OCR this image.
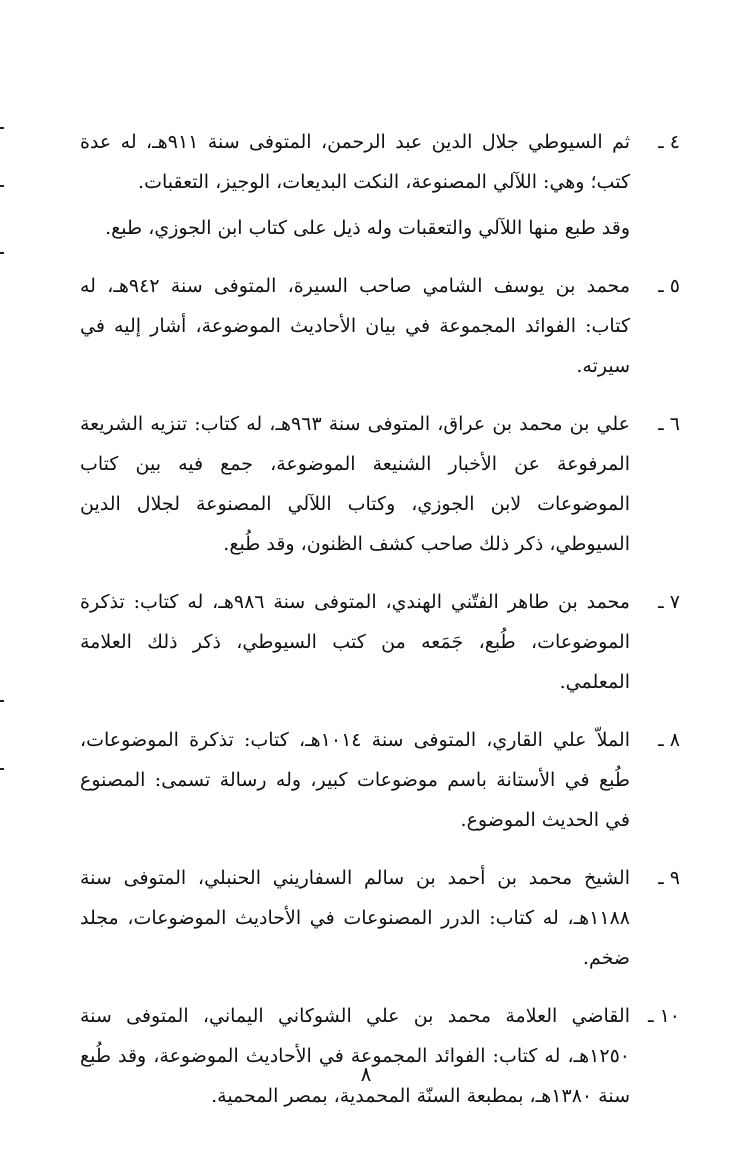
٤ ـ

ثم السيوطي جلال الدين عبد الرحمن، المتوفى سنة ٩١١هـ، له عدة كتب؛ وهي: اللآلي المصنوعة، النكت البديعات، الوجيز، التعقبات.

وقد طبع منها اللآلي والتعقبات وله ذيل على كتاب ابن الجوزي، طبع.

٥ ـ

محمد بن يوسف الشامي صاحب السيرة، المتوفى سنة ٩٤٢هـ، له كتاب: الفوائد المجموعة في بيان الأحاديث الموضوعة، أشار إليه في سيرته.

٦ ـ

علي بن محمد بن عراق، المتوفى سنة ٩٦٣هـ، له كتاب: تنزيه الشريعة المرفوعة عن الأخبار الشنيعة الموضوعة، جمع فيه بين كتاب الموضوعات لابن الجوزي، وكتاب اللآلي المصنوعة لجلال الدين السيوطي، ذكر ذلك صاحب كشف الظنون، وقد طُبع.

٧ ـ

محمد بن طاهر الفتّني الهندي، المتوفى سنة ٩٨٦هـ، له كتاب: تذكرة الموضوعات، طُبع، جَمَعه من كتب السيوطي، ذكر ذلك العلامة المعلمي.

٨ ـ

الملاّ علي القاري، المتوفى سنة ١٠١٤هـ، كتاب: تذكرة الموضوعات، طُبع في الأستانة باسم موضوعات كبير، وله رسالة تسمى: المصنوع في الحديث الموضوع.

٩ ـ

الشيخ محمد بن أحمد بن سالم السفاريني الحنبلي، المتوفى سنة ١١٨٨هـ، له كتاب: الدرر المصنوعات في الأحاديث الموضوعات، مجلد ضخم.

١٠ ـ

القاضي العلامة محمد بن علي الشوكاني اليماني، المتوفى سنة ١٢٥٠هـ، له كتاب: الفوائد المجموعة في الأحاديث الموضوعة، وقد طُبع سنة ١٣٨٠هـ، بمطبعة السنّة المحمدية، بمصر المحمية.

٨
